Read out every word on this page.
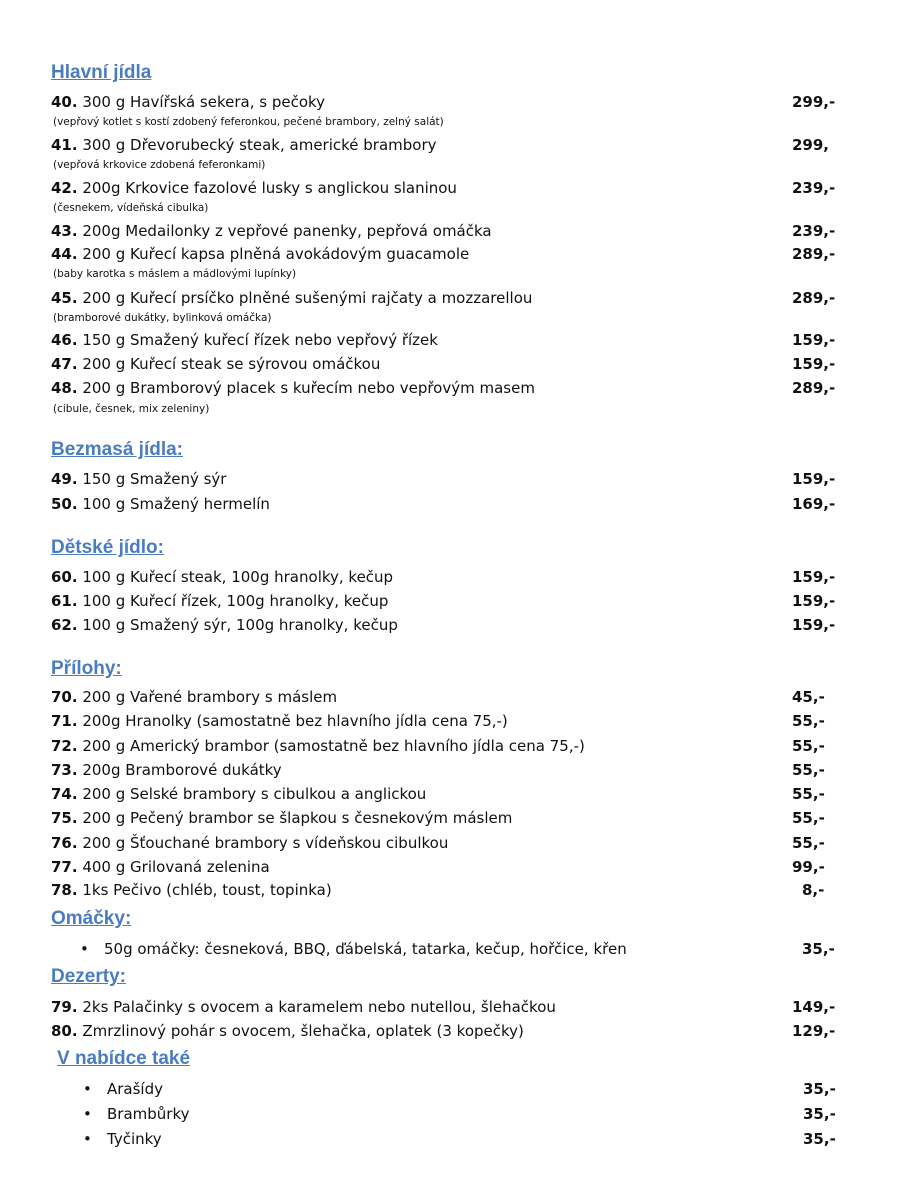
Hlavní jídla
40. 300 g Havířská sekera, s pečoky	299,-
(vepřový kotlet s kostí zdobený feferonkou, pečené brambory, zelný salát)
41. 300 g Dřevorubecký steak, americké brambory	299,
(vepřová krkovice zdobená feferonkami)
42. 200g Krkovice fazolové lusky s anglickou slaninou	239,-
(česnekem, vídeňská cibulka)
43. 200g Medailonky z vepřové panenky, pepřová omáčka	239,-
44. 200 g Kuřecí kapsa plněná avokádovým guacamole	289,-
(baby karotka s máslem a mádlovými lupínky)
45. 200 g Kuřecí prsíčko plněné sušenými rajčaty a mozzarellou	289,-
(bramborové dukátky, bylinková omáčka)
46. 150 g Smažený kuřecí řízek nebo vepřový řízek	159,-
47. 200 g Kuřecí steak se sýrovou omáčkou	159,-
48. 200 g Bramborový placek s kuřecím nebo vepřovým masem	289,-
(cibule, česnek, mix zeleniny)
Bezmasá jídla:
49. 150 g Smažený sýr	159,-
50. 100 g Smažený hermelín	169,-
Dětské jídlo:
60. 100 g Kuřecí steak, 100g hranolky, kečup	159,-
61. 100 g Kuřecí řízek, 100g hranolky, kečup	159,-
62. 100 g Smažený sýr, 100g hranolky, kečup	159,-
Přílohy:
70. 200 g Vařené brambory s máslem	45,-
71. 200g Hranolky (samostatně bez hlavního jídla cena 75,-)	55,-
72. 200 g Americký brambor (samostatně bez hlavního jídla cena 75,-)	55,-
73. 200g Bramborové dukátky	55,-
74. 200 g Selské brambory s cibulkou a anglickou	55,-
75. 200 g Pečený brambor se šlapkou s česnekovým máslem	55,-
76. 200 g Šťouchané brambory s vídeňskou cibulkou	55,-
77. 400 g Grilovaná zelenina	99,-
78. 1ks Pečivo (chléb, toust, topinka)	8,-
Omáčky:
• 50g omáčky: česneková, BBQ, ďábelská, tatarka, kečup, hořčice, křen	35,-
Dezerty:
79. 2ks Palačinky s ovocem a karamelem nebo nutellou, šlehačkou	149,-
80. Zmrzlinový pohár s ovocem, šlehačka, oplatek (3 kopečky)	129,-
V nabídce také
• Arašídy	35,-
• Brambůrky	35,-
• Tyčinky	35,-
